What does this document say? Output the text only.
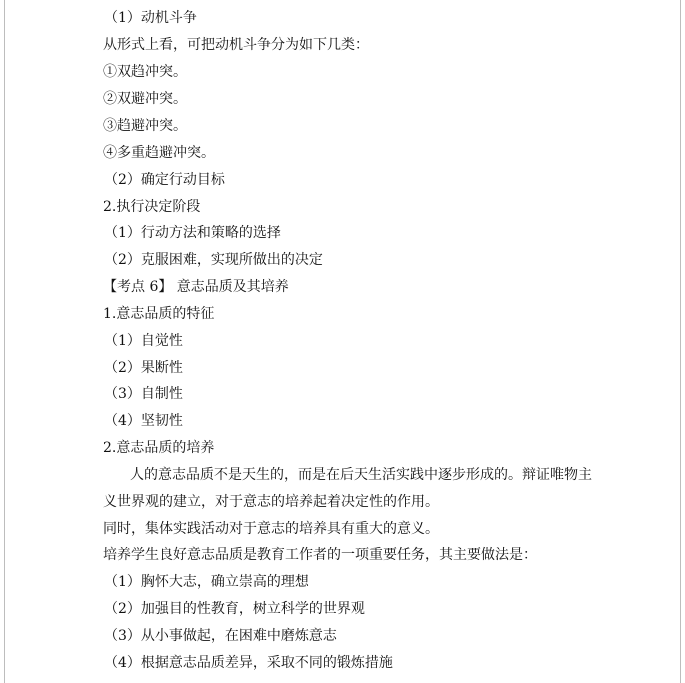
（1）动机斗争
从形式上看，可把动机斗争分为如下几类：
①双趋冲突。
②双避冲突。
③趋避冲突。
④多重趋避冲突。
（2）确定行动目标
2.执行决定阶段
（1）行动方法和策略的选择
（2）克服困难，实现所做出的决定
【考点 6】 意志品质及其培养
1.意志品质的特征
（1）自觉性
（2）果断性
（3）自制性
（4）坚韧性
2.意志品质的培养
人的意志品质不是天生的，而是在后天生活实践中逐步形成的。辩证唯物主
义世界观的建立，对于意志的培养起着决定性的作用。
同时，集体实践活动对于意志的培养具有重大的意义。
培养学生良好意志品质是教育工作者的一项重要任务，其主要做法是：
（1）胸怀大志，确立崇高的理想
（2）加强目的性教育，树立科学的世界观
（3）从小事做起，在困难中磨炼意志
（4）根据意志品质差异，采取不同的锻炼措施
